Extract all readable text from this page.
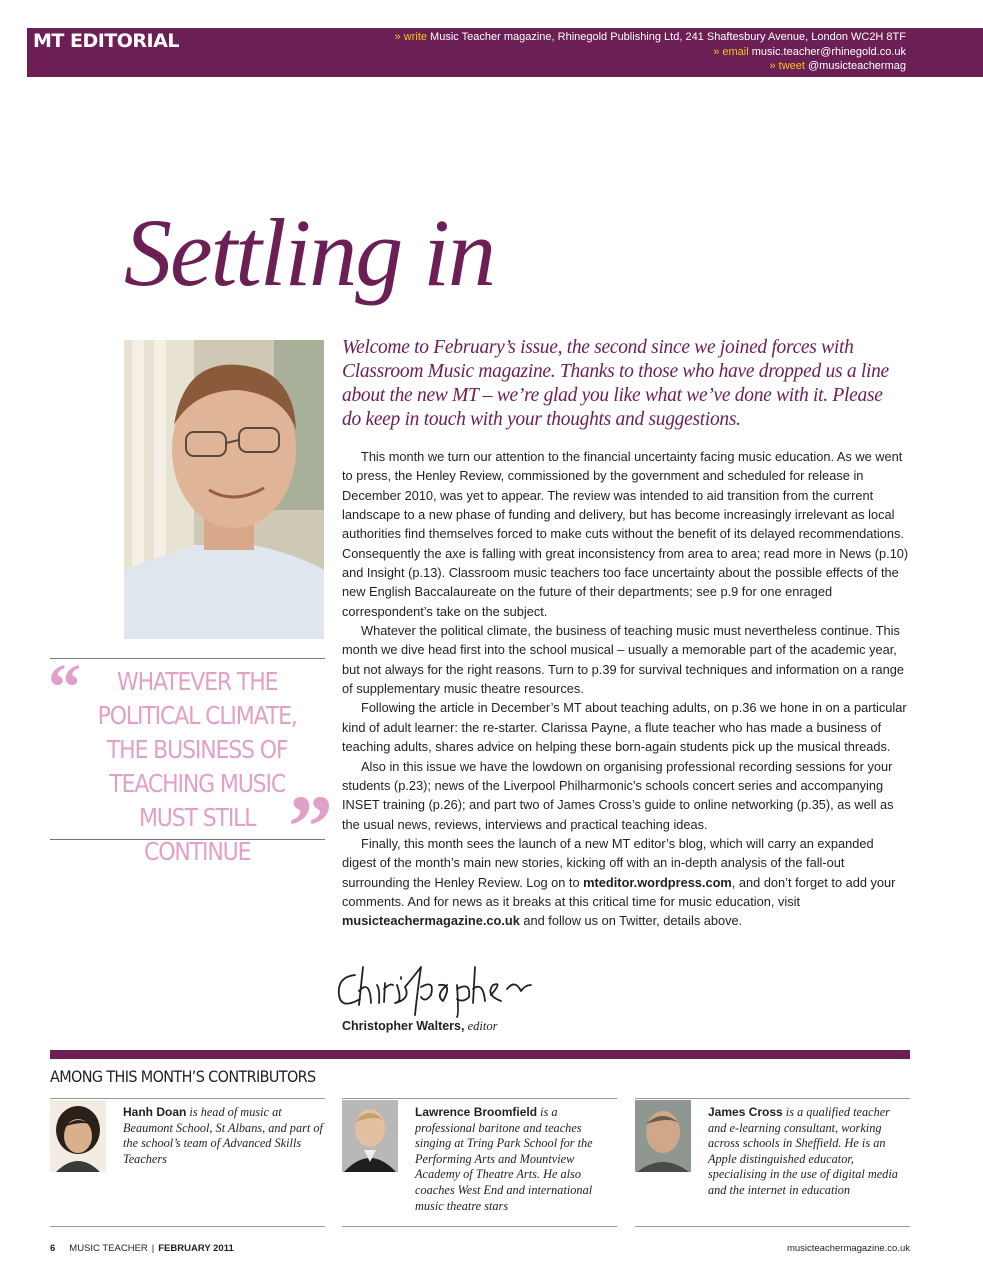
MT EDITORIAL	» write Music Teacher magazine, Rhinegold Publishing Ltd, 241 Shaftesbury Avenue, London WC2H 8TF
» email music.teacher@rhinegold.co.uk
» tweet @musicteachermag
Settling in
Welcome to February’s issue, the second since we joined forces with Classroom Music magazine. Thanks to those who have dropped us a line about the new MT – we’re glad you like what we’ve done with it. Please do keep in touch with your thoughts and suggestions.

This month we turn our attention to the financial uncertainty facing music education. As we went to press, the Henley Review, commissioned by the government and scheduled for release in December 2010, was yet to appear. The review was intended to aid transition from the current landscape to a new phase of funding and delivery, but has become increasingly irrelevant as local authorities find themselves forced to make cuts without the benefit of its delayed recommendations. Consequently the axe is falling with great inconsistency from area to area; read more in News (p.10) and Insight (p.13). Classroom music teachers too face uncertainty about the possible effects of the new English Baccalaureate on the future of their departments; see p.9 for one enraged correspondent’s take on the subject.

Whatever the political climate, the business of teaching music must nevertheless continue. This month we dive head first into the school musical – usually a memorable part of the academic year, but not always for the right reasons. Turn to p.39 for survival techniques and information on a range of supplementary music theatre resources.

Following the article in December’s MT about teaching adults, on p.36 we hone in on a particular kind of adult learner: the re-starter. Clarissa Payne, a flute teacher who has made a business of teaching adults, shares advice on helping these born-again students pick up the musical threads.

Also in this issue we have the lowdown on organising professional recording sessions for your students (p.23); news of the Liverpool Philharmonic’s schools concert series and accompanying INSET training (p.26); and part two of James Cross’s guide to online networking (p.35), as well as the usual news, reviews, interviews and practical teaching ideas.

Finally, this month sees the launch of a new MT editor’s blog, which will carry an expanded digest of the month’s main new stories, kicking off with an in-depth analysis of the fall-out surrounding the Henley Review. Log on to mteditor.wordpress.com, and don’t forget to add your comments. And for news as it breaks at this critical time for music education, visit musicteachermagazine.co.uk and follow us on Twitter, details above.

“	WHATEVER THE POLITICAL CLIMATE, THE BUSINESS OF TEACHING MUSIC MUST STILL CONTINUE ”
Christopher Walters, editor
AMONG THIS MONTH’S CONTRIBUTORS
Hanh Doan is head of music at Beaumont School, St Albans, and part of the school’s team of Advanced Skills Teachers
Lawrence Broomfield is a professional baritone and teaches singing at Tring Park School for the Performing Arts and Mountview Academy of Theatre Arts. He also coaches West End and international music theatre stars
James Cross is a qualified teacher and e-learning consultant, working across schools in Sheffield. He is an Apple distinguished educator, specialising in the use of digital media and the internet in education
6 MUSIC TEACHER | FEBRUARY 2011	musicteachermagazine.co.uk
